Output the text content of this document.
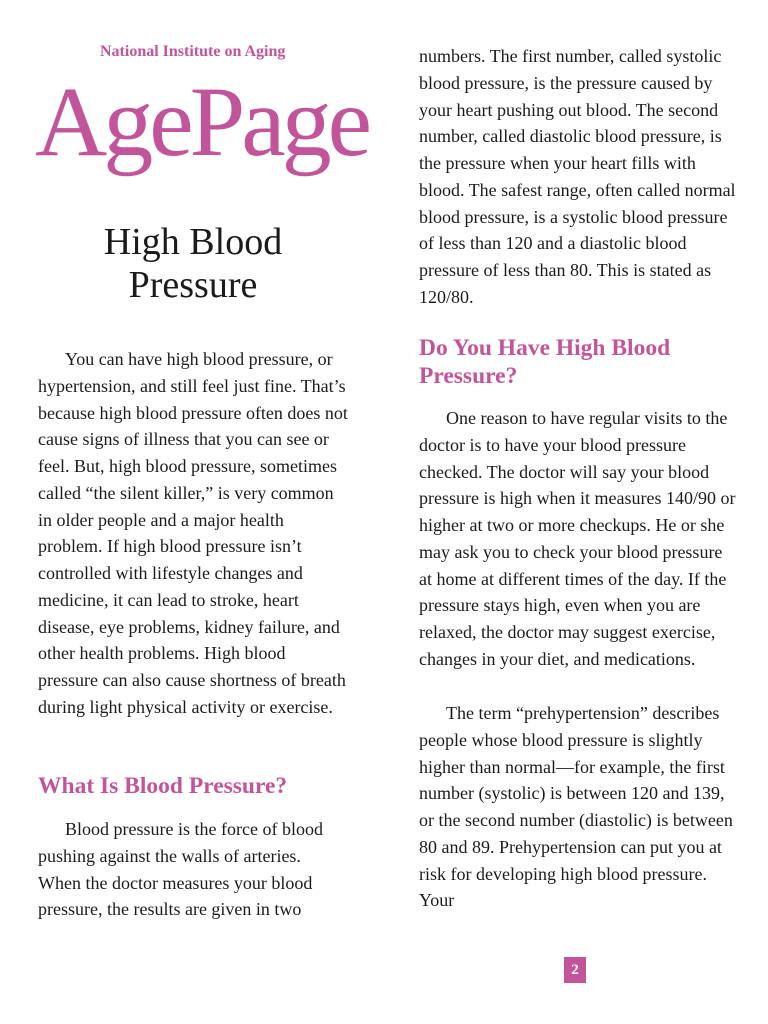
National Institute on Aging
AgePage
High Blood
Pressure

You can have high blood pressure, or hypertension, and still feel just fine. That’s because high blood pressure often does not cause signs of illness that you can see or feel. But, high blood pressure, sometimes called “the silent killer,” is very common in older people and a major health problem. If high blood pressure isn’t controlled with lifestyle changes and medicine, it can lead to stroke, heart disease, eye problems, kidney failure, and other health problems. High blood pressure can also cause shortness of breath during light physical activity or exercise.

What Is Blood Pressure?

Blood pressure is the force of blood pushing against the walls of arteries. When the doctor measures your blood pressure, the results are given in two

numbers. The first number, called systolic blood pressure, is the pressure caused by your heart pushing out blood. The second number, called diastolic blood pressure, is the pressure when your heart fills with blood. The safest range, often called normal blood pressure, is a systolic blood pressure of less than 120 and a diastolic blood pressure of less than 80. This is stated as 120/80.

Do You Have High Blood Pressure?

One reason to have regular visits to the doctor is to have your blood pressure checked. The doctor will say your blood pressure is high when it measures 140/90 or higher at two or more checkups. He or she may ask you to check your blood pressure at home at different times of the day. If the pressure stays high, even when you are relaxed, the doctor may suggest exercise, changes in your diet, and medications.

The term “prehypertension” describes people whose blood pressure is slightly higher than normal—for example, the first number (systolic) is between 120 and 139, or the second number (diastolic) is between 80 and 89. Prehypertension can put you at risk for developing high blood pressure. Your

2
